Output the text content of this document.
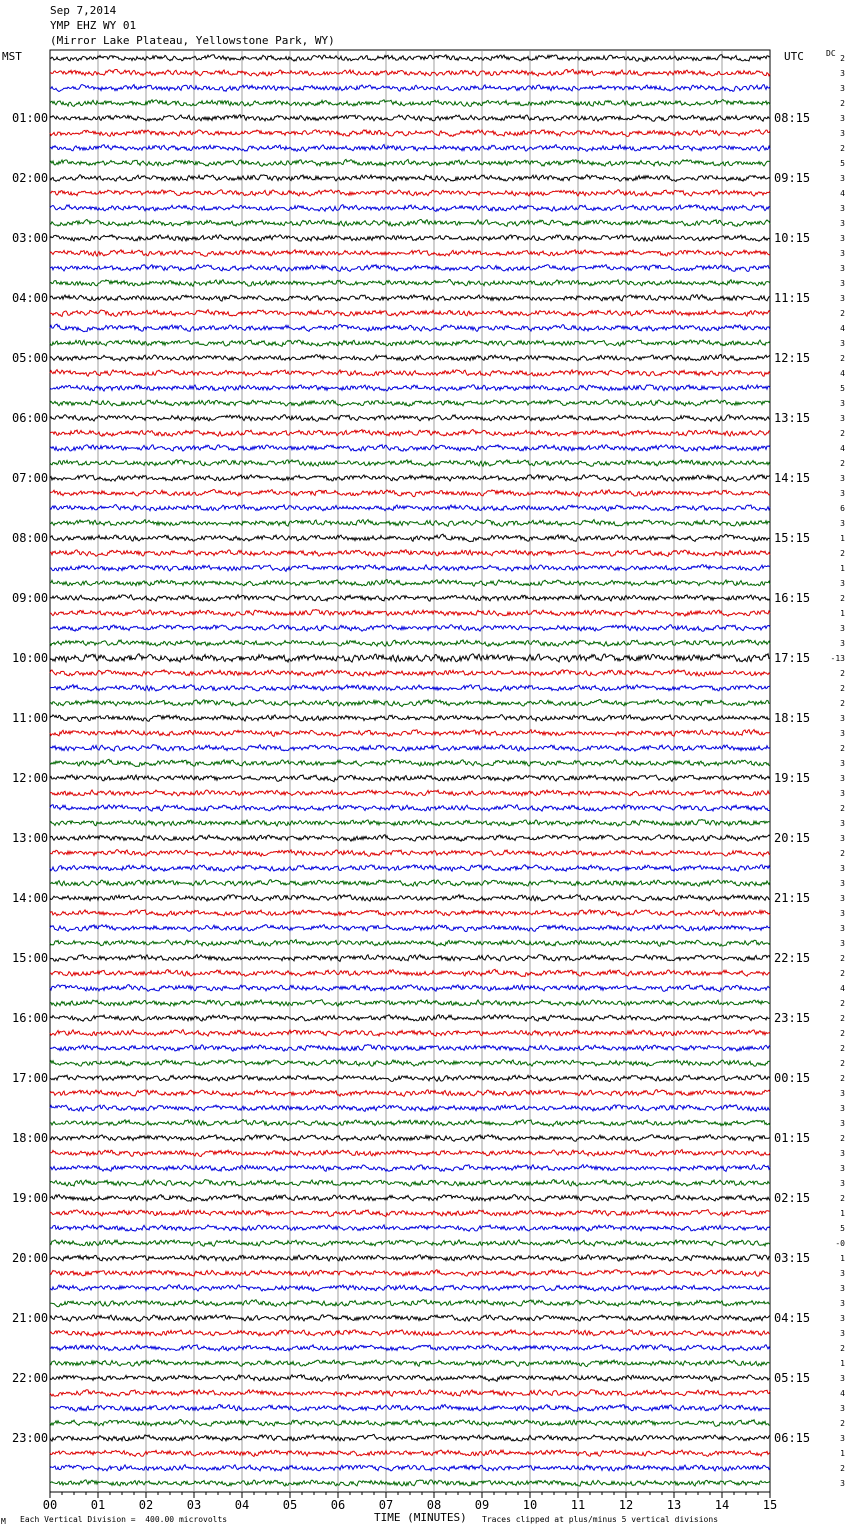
00	01	02	03	04	05	06	07	08	09	10	11	12	13	14	15
2
3
3
2
3
01:00	08:15
3
2
5
3
02:00	09:15
4
3
3
3
03:00	10:15
3
3
3
3
04:00	11:15
2
4
3
2
05:00	12:15
4
5
3
3
06:00	13:15
2
4
2
3
07:00	14:15
3
6
3
1
08:00	15:15
2
1
3
2
09:00	16:15
1
3
3
-13
10:00	17:15
2
2
2
3
11:00	18:15
3
2
3
3
12:00	19:15
3
2
3
3
13:00	20:15
2
3
3
3
14:00	21:15
3
3
3
2
15:00	22:15
2
4
2
2
16:00	23:15
2
2
2
2
17:00	00:15
3
3
3
2
18:00	01:15
3
3
3
2
19:00	02:15
1
5
-0
1
20:00	03:15
3
3
3
3
21:00	04:15
3
2
1
3
22:00	05:15
4
3
2
3
23:00	06:15
1
2
3
Sep 7,2014
YMP EHZ WY 01
(Mirror Lake Plateau, Yellowstone Park, WY)
MST	UTC	DC
M Each Vertical Division =  400.00 microvolts	TIME (MINUTES) Traces clipped at plus/minus 5 vertical divisions
